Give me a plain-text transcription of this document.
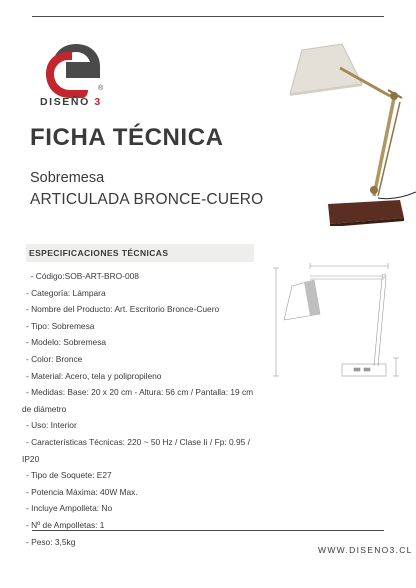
®
DISEÑO 3
FICHA TÉCNICA
Sobremesa
ARTICULADA BRONCE-CUERO
ESPECIFICACIONES TÉCNICAS
- Código:SOB-ART-BRO-008
- Categoría: Lámpara
- Nombre del Producto: Art. Escritorio Bronce-Cuero
- Tipo: Sobremesa
- Modelo: Sobremesa
- Color: Bronce
- Material: Acero, tela y polipropileno
- Medidas: Base: 20 x 20 cm - Altura: 56 cm / Pantalla: 19 cm
de diámetro
- Uso: Interior
- Características Técnicas: 220 ~ 50 Hz / Clase Ii / Fp: 0.95 /
IP20
- Tipo de Soquete: E27
- Potencia Máxima: 40W Max.
- Incluye Ampolleta: No
- Nº de Ampolletas: 1
- Peso: 3,5kg
WWW.DISENO3.CL
